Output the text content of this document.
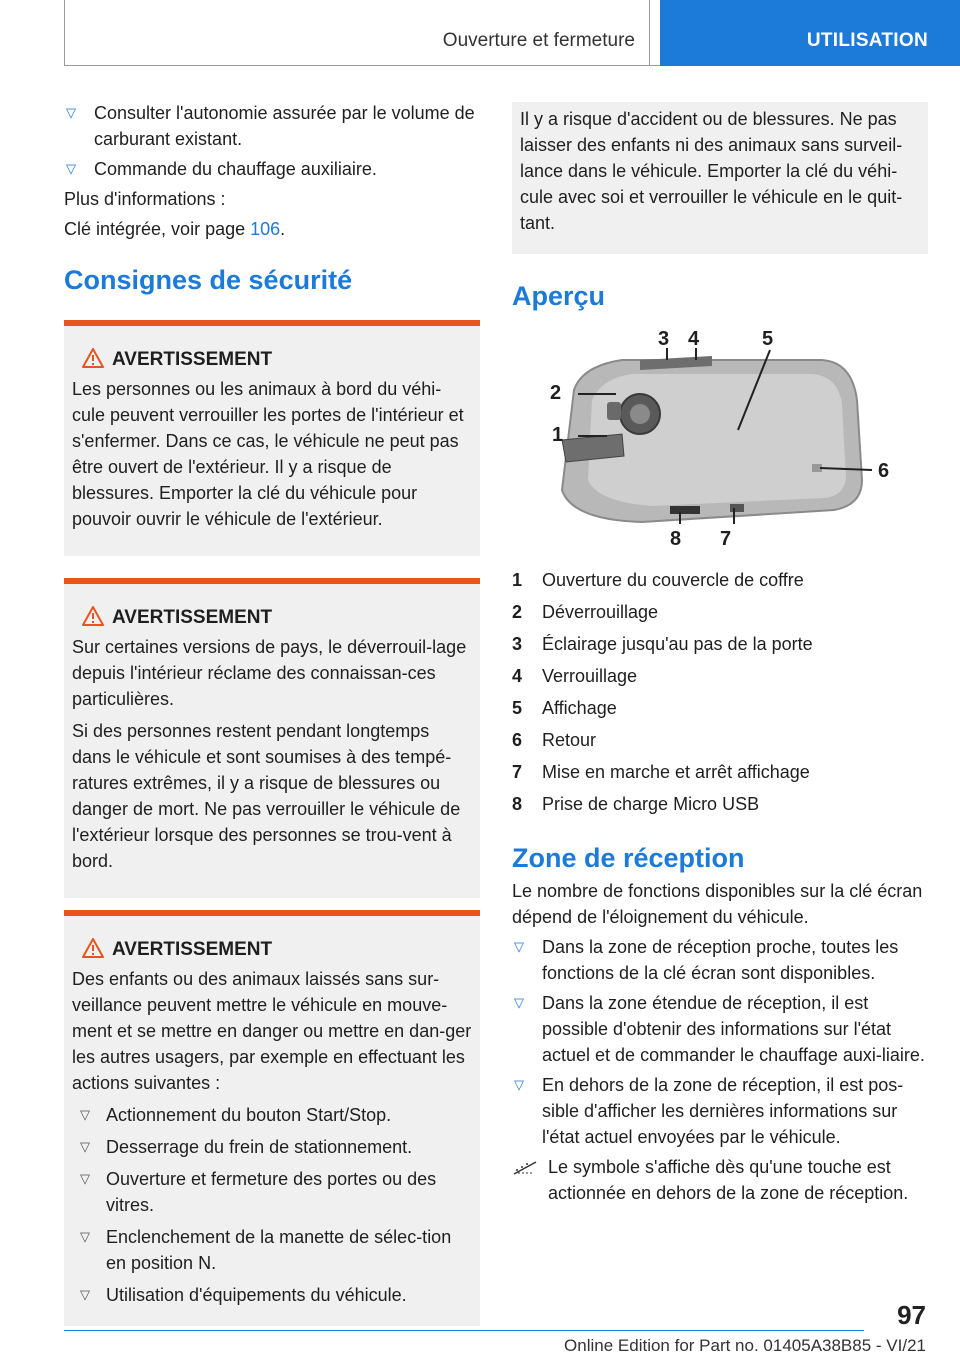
Ouverture et fermeture	UTILISATION
▽ Consulter l'autonomie assurée par le volume de carburant existant.
▽ Commande du chauffage auxiliaire.
Plus d'informations :
Clé intégrée, voir page 106.
Consignes de sécurité
AVERTISSEMENT

Les personnes ou les animaux à bord du véhi-cule peuvent verrouiller les portes de l'intérieur et s'enfermer. Dans ce cas, le véhicule ne peut pas être ouvert de l'extérieur. Il y a risque de blessures. Emporter la clé du véhicule pour pouvoir ouvrir le véhicule de l'extérieur.

AVERTISSEMENT

Sur certaines versions de pays, le déverrouil-lage depuis l'intérieur réclame des connaissan-ces particulières.

Si des personnes restent pendant longtemps dans le véhicule et sont soumises à des tempé-ratures extrêmes, il y a risque de blessures ou danger de mort. Ne pas verrouiller le véhicule de l'extérieur lorsque des personnes se trou-vent à bord.

AVERTISSEMENT

Des enfants ou des animaux laissés sans sur-veillance peuvent mettre le véhicule en mouve-ment et se mettre en danger ou mettre en dan-ger les autres usagers, par exemple en effectuant les actions suivantes :

▽ Actionnement du bouton Start/Stop.
▽ Desserrage du frein de stationnement.
▽ Ouverture et fermeture des portes ou des vitres.
▽ Enclenchement de la manette de sélec-tion en position N.
▽ Utilisation d'équipements du véhicule.

Il y a risque d'accident ou de blessures. Ne pas laisser des enfants ni des animaux sans surveil-lance dans le véhicule. Emporter la clé du véhi-cule avec soi et verrouiller le véhicule en le quit-tant.

Aperçu
1
2
3 4	5
6
7
8
1 Ouverture du couvercle de coffre
2 Déverrouillage
3 Éclairage jusqu'au pas de la porte
4 Verrouillage
5 Affichage
6 Retour
7 Mise en marche et arrêt affichage
8 Prise de charge Micro USB
Zone de réception

Le nombre de fonctions disponibles sur la clé écran dépend de l'éloignement du véhicule.

▽ Dans la zone de réception proche, toutes les fonctions de la clé écran sont disponibles.
▽ Dans la zone étendue de réception, il est possible d'obtenir des informations sur l'état actuel et de commander le chauffage auxi-liaire.
▽ En dehors de la zone de réception, il est pos-sible d'afficher les dernières informations sur l'état actuel envoyées par le véhicule.
Le symbole s'affiche dès qu'une touche est actionnée en dehors de la zone de réception.
97
Online Edition for Part no. 01405A38B85 - VI/21
